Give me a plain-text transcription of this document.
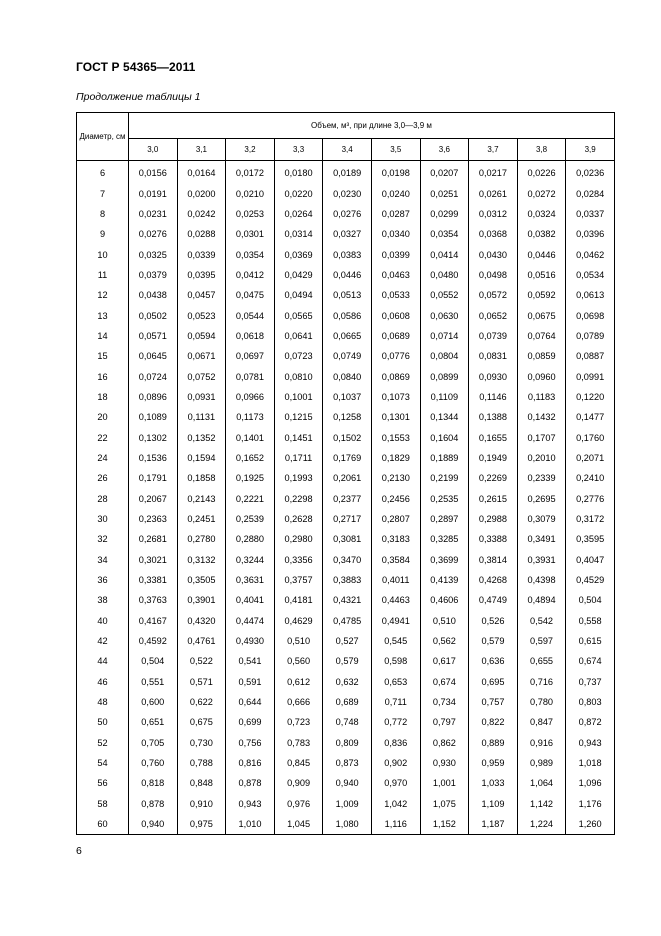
ГОСТ Р 54365—2011
Продолжение таблицы 1
Диаметр, см	Объем, м³, при длине 3,0—3,9 м									
	3,0	3,1	3,2	3,3	3,4	3,5	3,6	3,7	3,8	3,9
6	0,0156	0,0164	0,0172	0,0180	0,0189	0,0198	0,0207	0,0217	0,0226	0,0236
7	0,0191	0,0200	0,0210	0,0220	0,0230	0,0240	0,0251	0,0261	0,0272	0,0284
8	0,0231	0,0242	0,0253	0,0264	0,0276	0,0287	0,0299	0,0312	0,0324	0,0337
9	0,0276	0,0288	0,0301	0,0314	0,0327	0,0340	0,0354	0,0368	0,0382	0,0396
10	0,0325	0,0339	0,0354	0,0369	0,0383	0,0399	0,0414	0,0430	0,0446	0,0462
11	0,0379	0,0395	0,0412	0,0429	0,0446	0,0463	0,0480	0,0498	0,0516	0,0534
12	0,0438	0,0457	0,0475	0,0494	0,0513	0,0533	0,0552	0,0572	0,0592	0,0613
13	0,0502	0,0523	0,0544	0,0565	0,0586	0,0608	0,0630	0,0652	0,0675	0,0698
14	0,0571	0,0594	0,0618	0,0641	0,0665	0,0689	0,0714	0,0739	0,0764	0,0789
15	0,0645	0,0671	0,0697	0,0723	0,0749	0,0776	0,0804	0,0831	0,0859	0,0887
16	0,0724	0,0752	0,0781	0,0810	0,0840	0,0869	0,0899	0,0930	0,0960	0,0991
18	0,0896	0,0931	0,0966	0,1001	0,1037	0,1073	0,1109	0,1146	0,1183	0,1220
20	0,1089	0,1131	0,1173	0,1215	0,1258	0,1301	0,1344	0,1388	0,1432	0,1477
22	0,1302	0,1352	0,1401	0,1451	0,1502	0,1553	0,1604	0,1655	0,1707	0,1760
24	0,1536	0,1594	0,1652	0,1711	0,1769	0,1829	0,1889	0,1949	0,2010	0,2071
26	0,1791	0,1858	0,1925	0,1993	0,2061	0,2130	0,2199	0,2269	0,2339	0,2410
28	0,2067	0,2143	0,2221	0,2298	0,2377	0,2456	0,2535	0,2615	0,2695	0,2776
30	0,2363	0,2451	0,2539	0,2628	0,2717	0,2807	0,2897	0,2988	0,3079	0,3172
32	0,2681	0,2780	0,2880	0,2980	0,3081	0,3183	0,3285	0,3388	0,3491	0,3595
34	0,3021	0,3132	0,3244	0,3356	0,3470	0,3584	0,3699	0,3814	0,3931	0,4047
36	0,3381	0,3505	0,3631	0,3757	0,3883	0,4011	0,4139	0,4268	0,4398	0,4529
38	0,3763	0,3901	0,4041	0,4181	0,4321	0,4463	0,4606	0,4749	0,4894	0,504
40	0,4167	0,4320	0,4474	0,4629	0,4785	0,4941	0,510	0,526	0,542	0,558
42	0,4592	0,4761	0,4930	0,510	0,527	0,545	0,562	0,579	0,597	0,615
44	0,504	0,522	0,541	0,560	0,579	0,598	0,617	0,636	0,655	0,674
46	0,551	0,571	0,591	0,612	0,632	0,653	0,674	0,695	0,716	0,737
48	0,600	0,622	0,644	0,666	0,689	0,711	0,734	0,757	0,780	0,803
50	0,651	0,675	0,699	0,723	0,748	0,772	0,797	0,822	0,847	0,872
52	0,705	0,730	0,756	0,783	0,809	0,836	0,862	0,889	0,916	0,943
54	0,760	0,788	0,816	0,845	0,873	0,902	0,930	0,959	0,989	1,018
56	0,818	0,848	0,878	0,909	0,940	0,970	1,001	1,033	1,064	1,096
58	0,878	0,910	0,943	0,976	1,009	1,042	1,075	1,109	1,142	1,176
60	0,940	0,975	1,010	1,045	1,080	1,116	1,152	1,187	1,224	1,260
6
